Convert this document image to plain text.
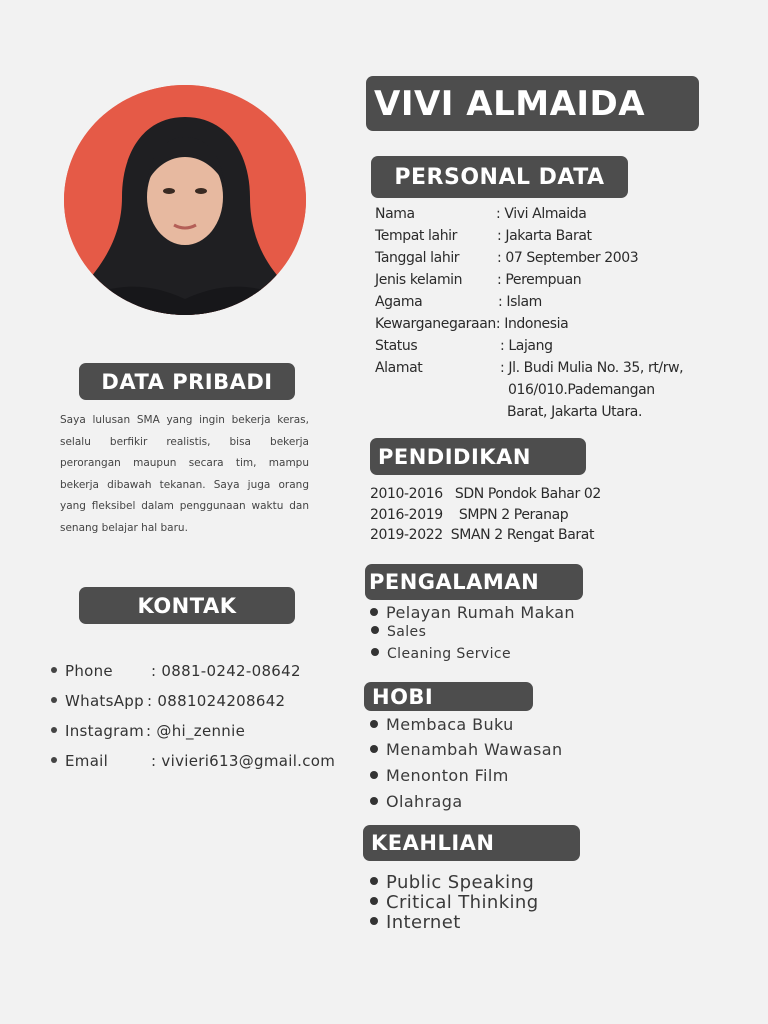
VIVI ALMAIDA
PERSONAL DATA
Nama	: Vivi Almaida
Tempat lahir	: Jakarta Barat
Tanggal lahir	: 07 September 2003
Jenis kelamin : Perempuan
Agama	: Islam
Kewarganegaraan: Indonesia
Status	: Lajang
Alamat	: Jl. Budi Mulia No. 35, rt/rw,
016/010.Pademangan
Barat, Jakarta Utara.
DATA PRIBADI
Saya lulusan SMA yang ingin bekerja keras, selalu berfikir realistis, bisa bekerja perorangan maupun secara tim, mampu bekerja dibawah tekanan. Saya juga orang yang fleksibel dalam penggunaan waktu dan senang belajar hal baru.
KONTAK
Phone	: 0881-0242-08642
WhatsApp : 0881024208642
Instagram : @hi_zennie
Email	: vivieri613@gmail.com
PENDIDIKAN
2010-2016   SDN Pondok Bahar 02
2016-2019    SMPN 2 Peranap
2019-2022  SMAN 2 Rengat Barat
PENGALAMAN
Pelayan Rumah Makan
Sales
Cleaning Service
HOBI
Membaca Buku
Menambah Wawasan
Menonton Film
Olahraga
KEAHLIAN
Public Speaking
Critical Thinking
Internet
